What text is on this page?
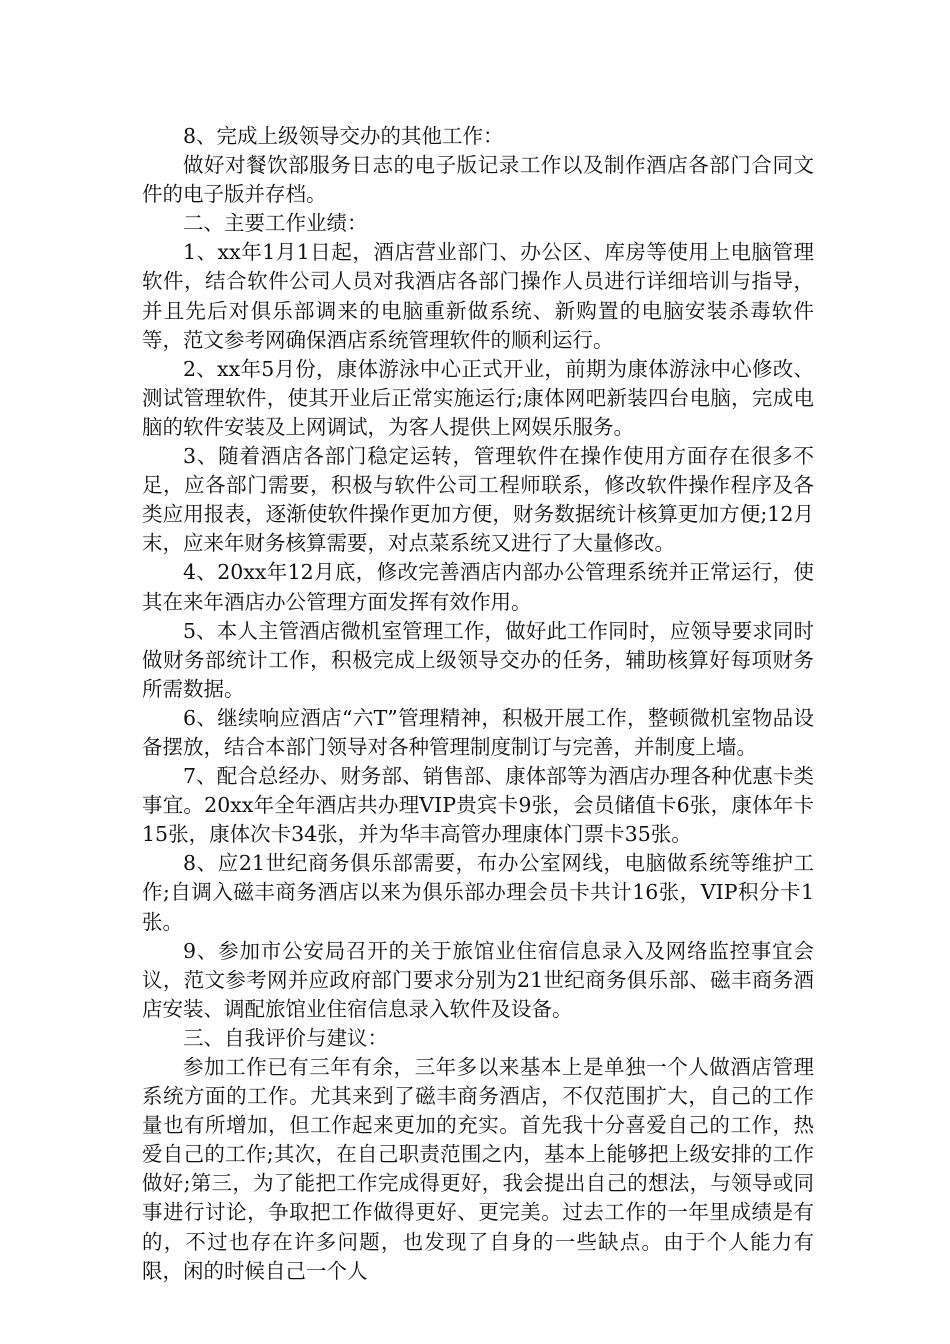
8、完成上级领导交办的其他工作：

做好对餐饮部服务日志的电子版记录工作以及制作酒店各部门合同文件的电子版并存档。

二、主要工作业绩：

1、xx年1月1日起，酒店营业部门、办公区、库房等使用上电脑管理软件，结合软件公司人员对我酒店各部门操作人员进行详细培训与指导，并且先后对俱乐部调来的电脑重新做系统、新购置的电脑安装杀毒软件等，范文参考网确保酒店系统管理软件的顺利运行。

2、xx年5月份，康体游泳中心正式开业，前期为康体游泳中心修改、测试管理软件，使其开业后正常实施运行;康体网吧新装四台电脑，完成电脑的软件安装及上网调试，为客人提供上网娱乐服务。

3、随着酒店各部门稳定运转，管理软件在操作使用方面存在很多不足，应各部门需要，积极与软件公司工程师联系，修改软件操作程序及各类应用报表，逐渐使软件操作更加方便，财务数据统计核算更加方便;12月末，应来年财务核算需要，对点菜系统又进行了大量修改。

4、20xx年12月底，修改完善酒店内部办公管理系统并正常运行，使其在来年酒店办公管理方面发挥有效作用。

5、本人主管酒店微机室管理工作，做好此工作同时，应领导要求同时做财务部统计工作，积极完成上级领导交办的任务，辅助核算好每项财务所需数据。

6、继续响应酒店“六T”管理精神，积极开展工作，整顿微机室物品设备摆放，结合本部门领导对各种管理制度制订与完善，并制度上墙。

7、配合总经办、财务部、销售部、康体部等为酒店办理各种优惠卡类事宜。20xx年全年酒店共办理VIP贵宾卡9张，会员储值卡6张，康体年卡15张，康体次卡34张，并为华丰高管办理康体门票卡35张。

8、应21世纪商务俱乐部需要，布办公室网线，电脑做系统等维护工作;自调入磁丰商务酒店以来为俱乐部办理会员卡共计16张，VIP积分卡1张。

9、参加市公安局召开的关于旅馆业住宿信息录入及网络监控事宜会议，范文参考网并应政府部门要求分别为21世纪商务俱乐部、磁丰商务酒店安装、调配旅馆业住宿信息录入软件及设备。

三、自我评价与建议：

参加工作已有三年有余，三年多以来基本上是单独一个人做酒店管理系统方面的工作。尤其来到了磁丰商务酒店，不仅范围扩大，自己的工作量也有所增加，但工作起来更加的充实。首先我十分喜爱自己的工作，热爱自己的工作;其次，在自己职责范围之内，基本上能够把上级安排的工作做好;第三，为了能把工作完成得更好，我会提出自己的想法，与领导或同事进行讨论，争取把工作做得更好、更完美。过去工作的一年里成绩是有的，不过也存在许多问题，也发现了自身的一些缺点。由于个人能力有限，闲的时候自己一个人
